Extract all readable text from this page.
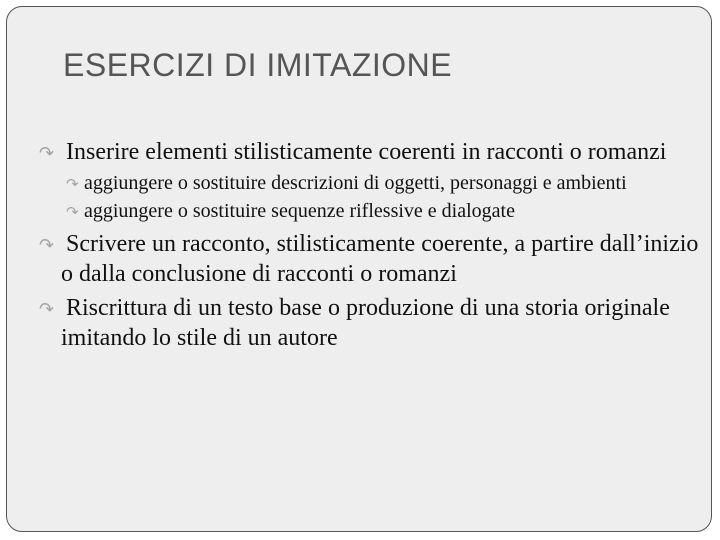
ESERCIZI DI IMITAZIONE

↷ Inserire elementi stilisticamente coerenti in racconti o romanzi

↷ aggiungere o sostituire descrizioni di oggetti, personaggi e ambienti

↷ aggiungere o sostituire sequenze riflessive e dialogate

↷ Scrivere un racconto, stilisticamente coerente, a partire dall’inizio o dalla conclusione di racconti o romanzi

↷ Riscrittura di un testo base o produzione di una storia originale imitando lo stile di un autore
